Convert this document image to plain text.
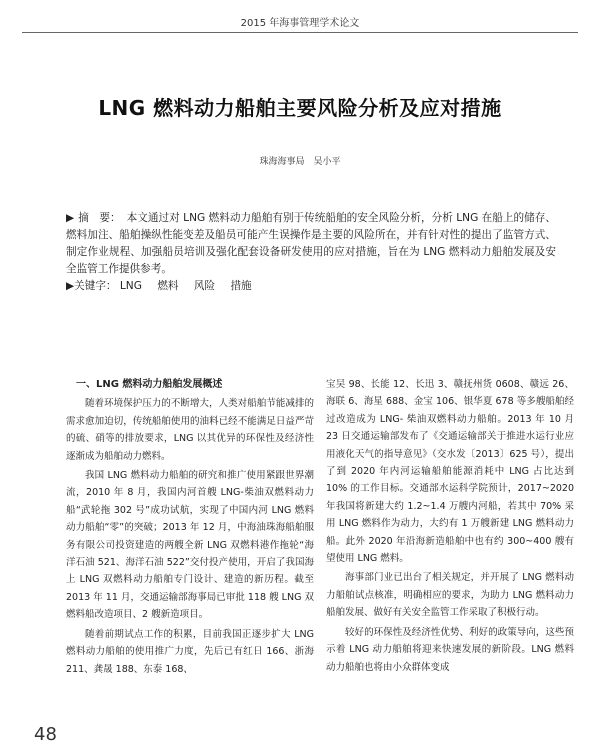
2015 年海事管理学术论文
LNG 燃料动力船舶主要风险分析及应对措施
珠海海事局　吴小平
▶ 摘　要： 本文通过对 LNG 燃料动力船舶有别于传统船舶的安全风险分析，分析 LNG 在船上的储存、燃料加注、船舶操纵性能变差及船员可能产生误操作是主要的风险所在，并有针对性的提出了监管方式、制定作业规程、加强船员培训及强化配套设备研发使用的应对措施，旨在为 LNG 燃料动力船舶发展及安全监管工作提供参考。
▶关键字： LNG 燃料 风险 措施
一、LNG 燃料动力船舶发展概述

随着环境保护压力的不断增大，人类对船舶节能减排的需求愈加迫切，传统船舶使用的油料已经不能满足日益严苛的硫、硝等的排放要求，LNG 以其优异的环保性及经济性逐渐成为船舶动力燃料。

我国 LNG 燃料动力船舶的研究和推广使用紧跟世界潮流，2010 年 8 月，我国内河首艘 LNG-柴油双燃料动力船“武轮拖 302 号”成功试航，实现了中国内河 LNG 燃料动力船舶“零”的突破；2013 年 12 月，中海油珠海船舶服务有限公司投资建造的两艘全新 LNG 双燃料港作拖轮“海洋石油 521、海洋石油 522”交付投产使用，开启了我国海上 LNG 双燃料动力船舶专门设计、建造的新历程。截至 2013 年 11 月，交通运输部海事局已审批 118 艘 LNG 双燃料船改造项目、2 艘新造项目。

随着前期试点工作的积累，目前我国正逐步扩大 LNG 燃料动力船舶的使用推广力度，先后已有红日 166、浙海 211、龚晟 188、东泰 168、

宝吴 98、长能 12、长迅 3、赣抚州货 0608、赣远 26、海联 6、海星 688、金宝 106、银华夏 678 等多艘船舶经过改造成为 LNG- 柴油双燃料动力船舶。2013 年 10 月 23 日交通运输部发布了《交通运输部关于推进水运行业应用液化天气的指导意见》（交水发〔2013〕625 号），提出了到 2020 年内河运输船舶能源消耗中 LNG 占比达到 10% 的工作目标。交通部水运科学院预计，2017~2020 年我国将新建大约 1.2~1.4 万艘内河船，若其中 70% 采用 LNG 燃料作为动力，大约有 1 万艘新建 LNG 燃料动力船。此外 2020 年沿海新造船舶中也有约 300~400 艘有望使用 LNG 燃料。

海事部门业已出台了相关规定，并开展了 LNG 燃料动力船舶试点核准，明确相应的要求，为助力 LNG 燃料动力船舶发展、做好有关安全监管工作采取了积极行动。

较好的环保性及经济性优势、利好的政策导向，这些预示着 LNG 动力船舶将迎来快速发展的新阶段。LNG 燃料动力船舶也将由小众群体变成

48
